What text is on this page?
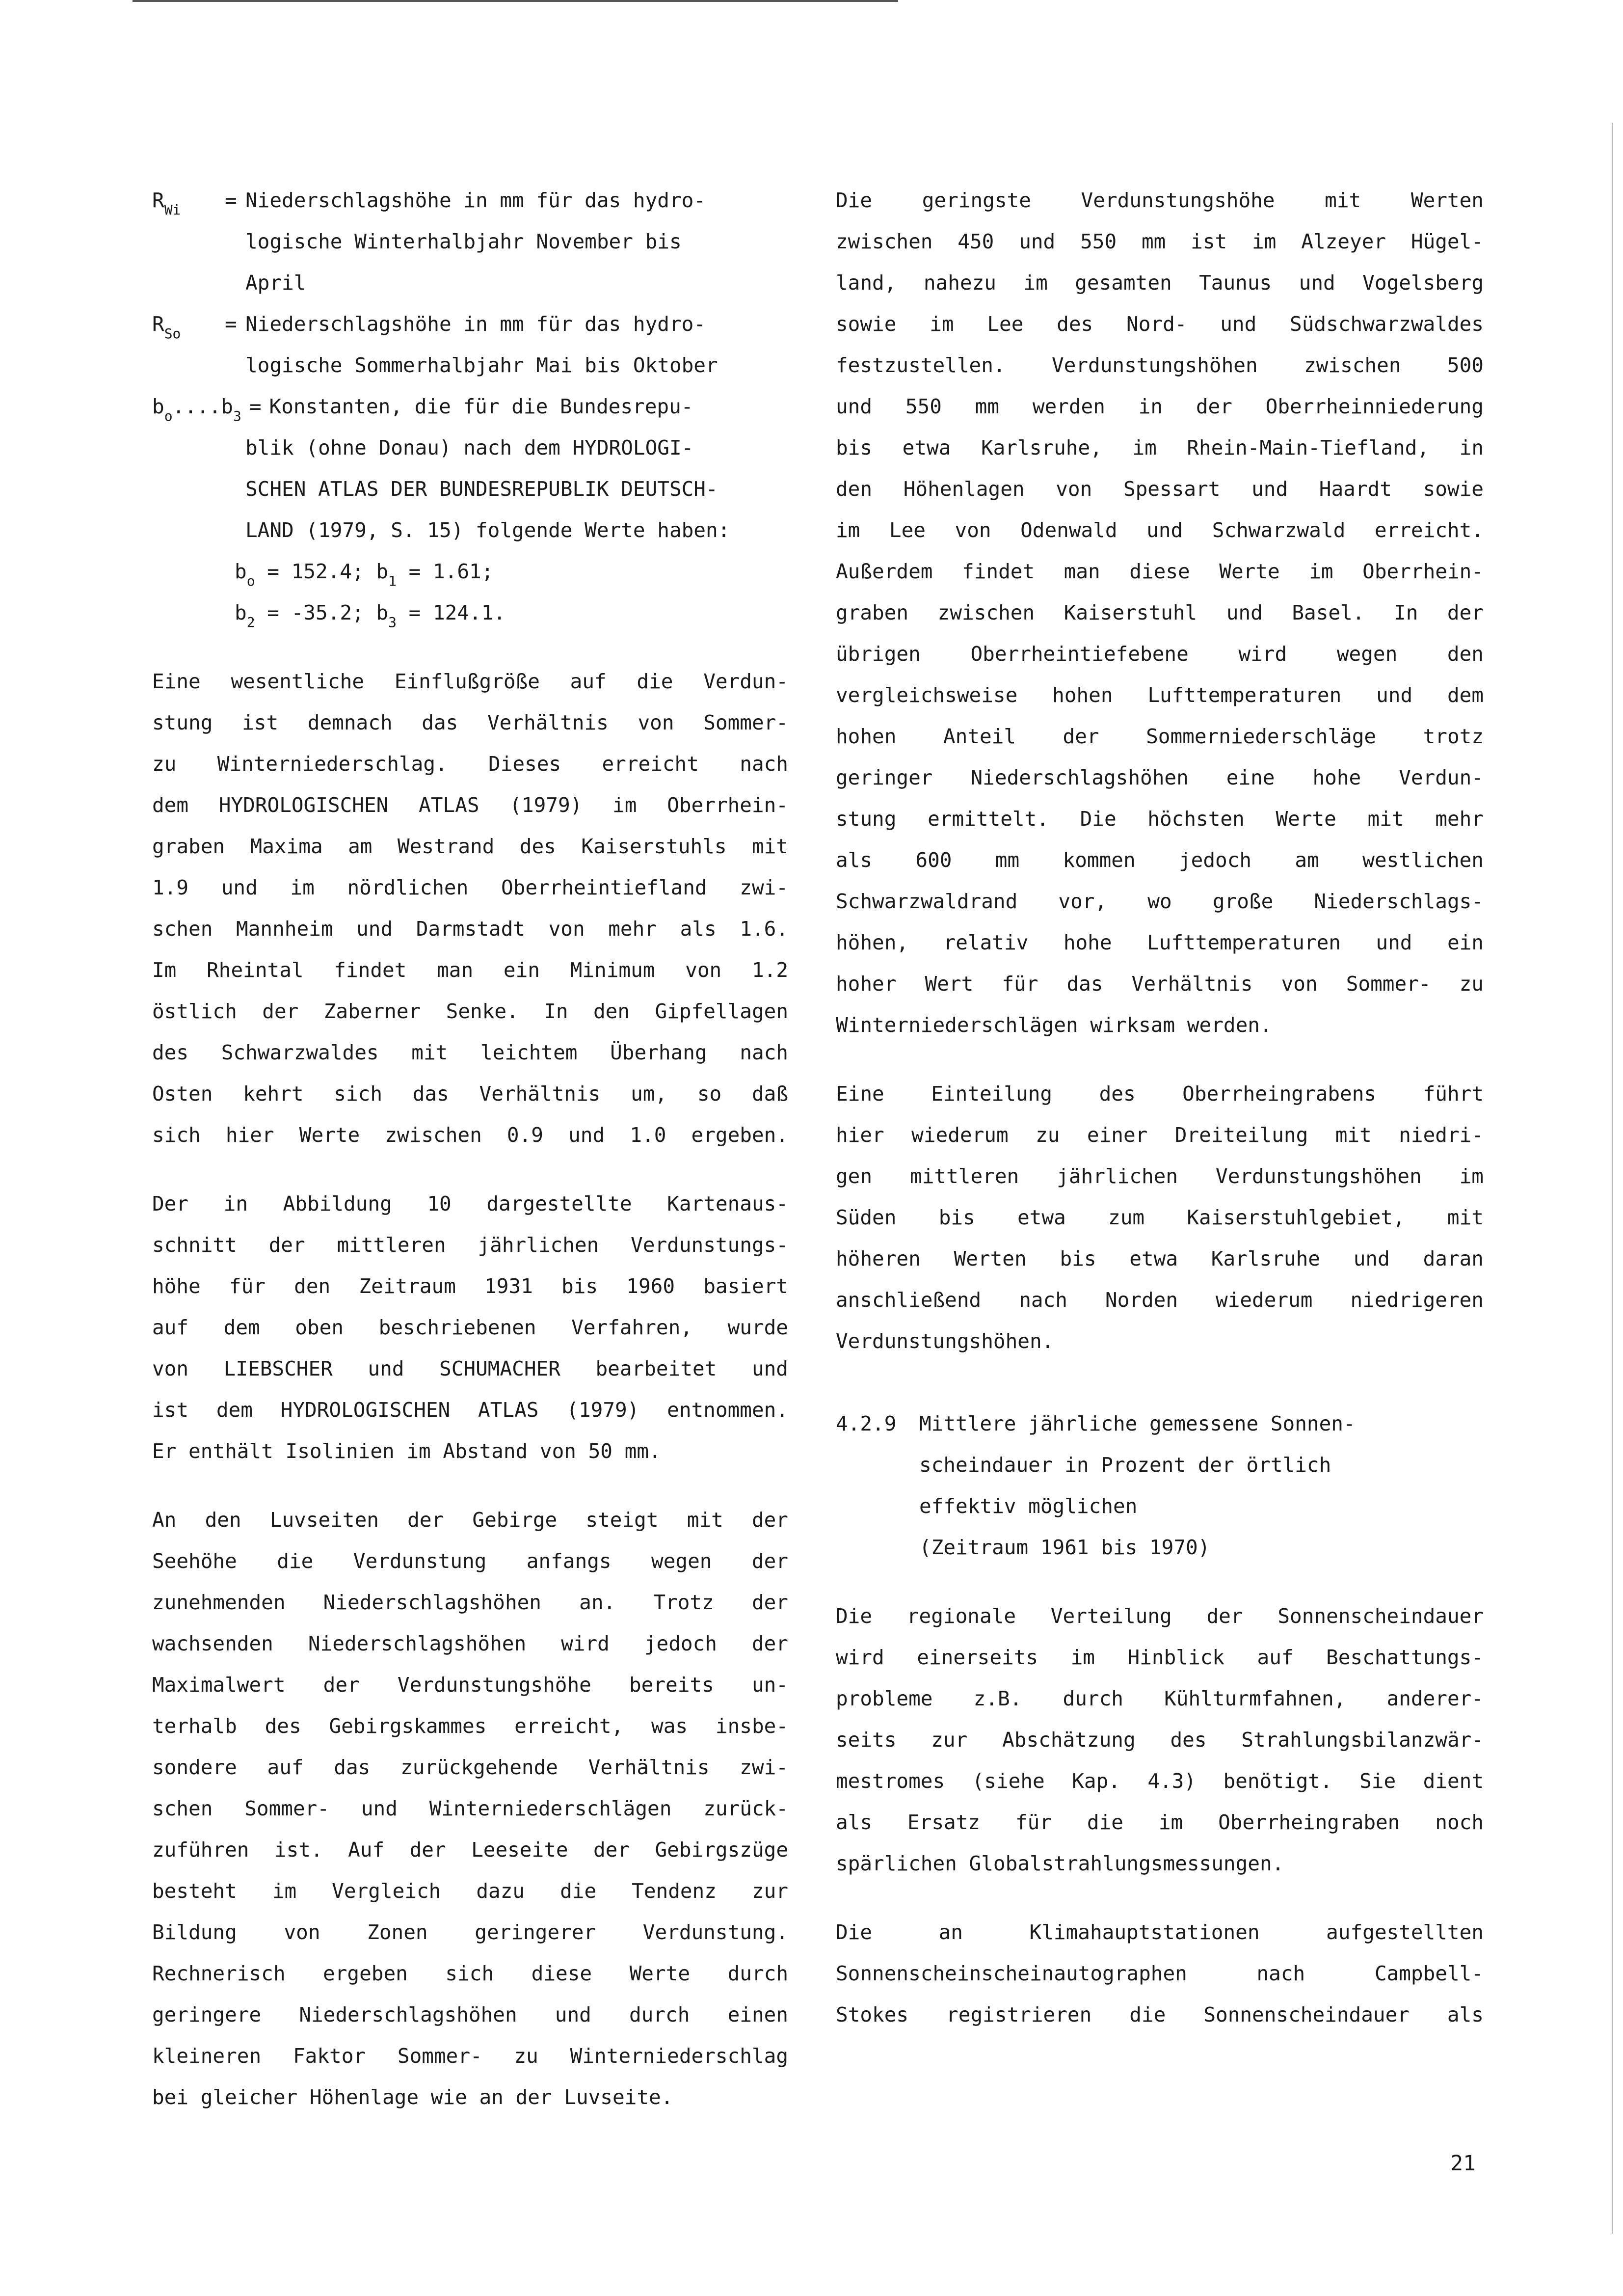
$R_{Wi}$	= Niederschlagshöhe in mm für das hydro-
logische Winterhalbjahr November bis
April
$R_{So}$	= Niederschlagshöhe in mm für das hydro-
logische Sommerhalbjahr Mai bis Oktober
$b_o....b_3$ = Konstanten, die für die Bundesrepu-
blik (ohne Donau) nach dem HYDROLOGI-
SCHEN ATLAS DER BUNDESREPUBLIK DEUTSCH-
LAND (1979, S. 15) folgende Werte haben:
$b_o = 152.4$; $b_1 = 1.61$;
$b_2 = -35.2$; $b_3 = 124.1$.
Eine wesentliche Einflußgröße auf die Verdun-
stung ist demnach das Verhältnis von Sommer-
zu Winterniederschlag. Dieses erreicht nach
dem HYDROLOGISCHEN ATLAS (1979) im Oberrhein-
graben Maxima am Westrand des Kaiserstuhls mit
1.9 und im nördlichen Oberrheintiefland zwi-
schen Mannheim und Darmstadt von mehr als 1.6.
Im Rheintal findet man ein Minimum von 1.2
östlich der Zaberner Senke. In den Gipfellagen
des Schwarzwaldes mit leichtem Überhang nach
Osten kehrt sich das Verhältnis um, so daß
sich hier Werte zwischen 0.9 und 1.0 ergeben.
Der in Abbildung 10 dargestellte Kartenaus-
schnitt der mittleren jährlichen Verdunstungs-
höhe für den Zeitraum 1931 bis 1960 basiert
auf dem oben beschriebenen Verfahren, wurde
von LIEBSCHER und SCHUMACHER bearbeitet und
ist dem HYDROLOGISCHEN ATLAS (1979) entnommen.
Er enthält Isolinien im Abstand von 50 mm.
An den Luvseiten der Gebirge steigt mit der
Seehöhe die Verdunstung anfangs wegen der
zunehmenden Niederschlagshöhen an. Trotz der
wachsenden Niederschlagshöhen wird jedoch der
Maximalwert der Verdunstungshöhe bereits un-
terhalb des Gebirgskammes erreicht, was insbe-
sondere auf das zurückgehende Verhältnis zwi-
schen Sommer- und Winterniederschlägen zurück-
zuführen ist. Auf der Leeseite der Gebirgszüge
besteht im Vergleich dazu die Tendenz zur
Bildung von Zonen geringerer Verdunstung.
Rechnerisch ergeben sich diese Werte durch
geringere Niederschlagshöhen und durch einen
kleineren Faktor Sommer- zu Winterniederschlag
bei gleicher Höhenlage wie an der Luvseite.
Die geringste Verdunstungshöhe mit Werten
zwischen 450 und 550 mm ist im Alzeyer Hügel-
land, nahezu im gesamten Taunus und Vogelsberg
sowie im Lee des Nord- und Südschwarzwaldes
festzustellen. Verdunstungshöhen zwischen 500
und 550 mm werden in der Oberrheinniederung
bis etwa Karlsruhe, im Rhein-Main-Tiefland, in
den Höhenlagen von Spessart und Haardt sowie
im Lee von Odenwald und Schwarzwald erreicht.
Außerdem findet man diese Werte im Oberrhein-
graben zwischen Kaiserstuhl und Basel. In der
übrigen Oberrheintiefebene wird wegen den
vergleichsweise hohen Lufttemperaturen und dem
hohen Anteil der Sommerniederschläge trotz
geringer Niederschlagshöhen eine hohe Verdun-
stung ermittelt. Die höchsten Werte mit mehr
als 600 mm kommen jedoch am westlichen
Schwarzwaldrand vor, wo große Niederschlags-
höhen, relativ hohe Lufttemperaturen und ein
hoher Wert für das Verhältnis von Sommer- zu
Winterniederschlägen wirksam werden.
Eine Einteilung des Oberrheingrabens führt
hier wiederum zu einer Dreiteilung mit niedri-
gen mittleren jährlichen Verdunstungshöhen im
Süden bis etwa zum Kaiserstuhlgebiet, mit
höheren Werten bis etwa Karlsruhe und daran
anschließend nach Norden wiederum niedrigeren
Verdunstungshöhen.
4.2.9 Mittlere jährliche gemessene Sonnen-
scheindauer in Prozent der örtlich
effektiv möglichen
(Zeitraum 1961 bis 1970)
Die regionale Verteilung der Sonnenscheindauer
wird einerseits im Hinblick auf Beschattungs-
probleme z.B. durch Kühlturmfahnen, anderer-
seits zur Abschätzung des Strahlungsbilanzwär-
mestromes (siehe Kap. 4.3) benötigt. Sie dient
als Ersatz für die im Oberrheingraben noch
spärlichen Globalstrahlungsmessungen.
Die an Klimahauptstationen aufgestellten
Sonnenscheinscheinautographen nach Campbell-
Stokes registrieren die Sonnenscheindauer als
21
